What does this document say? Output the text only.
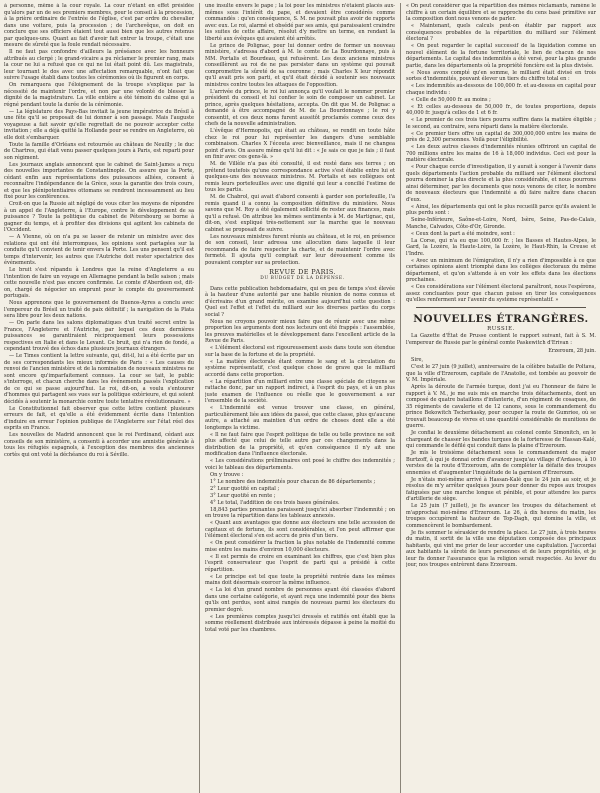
à personne, même à la cour royale. La cour n'étant en effet présidée qu'alors par un de ses premiers membres, pour le conseil à la procession, à la prière ordinaire de l'entrée de l'église, c'est par ordre du chevalier dans une voiture, puis la procession ; de l'archevêque, on doit en conclure que ses officiers étaient tout aussi bien que les autres retenus par quelques-uns. Quant au fait d'avoir fait entrer la troupe, c'était une mesure de sûreté que la foule rendait nécessaire.

Il ne faut pas confondre d'ailleurs la préséance avec les honneurs attribués au clergé ; le grand-vicaire a pu réclamer le premier rang, mais la cour ne lui a refusé que ce qui ne lui était point dû. Les magistrats, leur tournant le dos avec une affectation remarquable, n'ont fait que suivre l'usage établi dans toutes les cérémonies où ils figurent en corps.

On remarquera que l'éloignement de la troupe s'explique par la nécessité de maintenir l'ordre, et non par une volonté de blesser la dignité de la magistrature. La ville entière a été témoin du calme qui a régné pendant toute la durée de la cérémonie.

— La législature des Pays-Bas invitait la jeune impératrice du Brésil à une fête qu'il se proposait de lui donner à son passage. Mais l'auguste voyageuse a fait savoir qu'elle regrettait de ne pouvoir accepter cette invitation ; elle a déjà quitté la Hollande pour se rendre en Angleterre, où elle doit s'embarquer.

Toute la famille d'Orléans est retournée au château de Neuilly ; le duc de Chartres, qui était venu passer quelques jours à Paris, est reparti pour son régiment.

Les journaux anglais annoncent que le cabinet de Saint-James a reçu des nouvelles importantes de Constantinople. On assure que la Porte, cédant enfin aux représentations des puissances alliées, consent à reconnaître l'indépendance de la Grèce, sous la garantie des trois cours, et que les plénipotentiaires ottomans se rendront incessamment au lieu fixé pour les conférences.

Croit-on que la Russie ait négligé de vous citer les moyens de répondre à un appel de l'Angleterre, à l'Europe, contre le développement de sa puissance ? Toute la politique du cabinet de Pétersbourg se borne à gagner du temps, et à profiter des divisions qui agitent les cabinets de l'Occident.

— A Vienne, où on n'a pu se lasser de retenir un ministre avec des relations qui ont été interrompues, les opinions sont partagées sur la conduite qu'il convient de tenir envers la Porte. Les uns pensent qu'il est temps d'intervenir, les autres que l'Autriche doit rester spectatrice des événements.

Le bruit s'est répandu à Londres que la reine d'Angleterre a eu l'intention de faire un voyage en Allemagne pendant la belle saison ; mais cette nouvelle n'est pas encore confirmée. Le comte d'Aberdeen est, dit-on, chargé de négocier un emprunt pour le compte du gouvernement portugais.

Nous apprenons que le gouvernement de Buenos-Ayres a conclu avec l'empereur du Brésil un traité de paix définitif ; la navigation de la Plata sera libre pour les deux nations.

— On parle dans les salons diplomatiques d'un traité secret entre la France, l'Angleterre et l'Autriche, par lequel ces deux dernières puissances se garantiraient réciproquement leurs possessions respectives en Italie et dans le Levant. Ce bruit, qui n'a rien de fondé, a cependant trouvé des échos dans plusieurs journaux étrangers.

— Le Times contient la lettre suivante, qui, dit-il, lui a été écrite par un de ses correspondants les mieux informés de Paris : « Les causes du renvoi de l'ancien ministère et de la nomination de nouveaux ministres ne sont encore qu'imparfaitement connues. La cour se tait, le public s'interroge, et chacun cherche dans les événements passés l'explication de ce qui se passe aujourd'hui. Le roi, dit-on, a voulu s'entourer d'hommes qui partagent ses vues sur la politique extérieure, et qui soient décidés à soutenir la monarchie contre toute tentative révolutionnaire. »

Le Constitutionnel fait observer que cette lettre contient plusieurs erreurs de fait, et qu'elle a été évidemment écrite dans l'intention d'induire en erreur l'opinion publique de l'Angleterre sur l'état réel des esprits en France.

Les nouvelles de Madrid annoncent que le roi Ferdinand, cédant aux conseils de son ministère, a consenti à accorder une amnistie générale à tous les réfugiés espagnols, à l'exception des membres des anciennes cortès qui ont voté la déchéance du roi à Séville.

une insulte envers le pape ; la loi pour les ministres n'étaient placés aux-mêmes sous l'intérêt du pape, et devaient être considérés comme commandés : qu'en conséquence, S. M. ne pouvait plus avoir de rapports avec eux. Le roi, alarmé et obsédé par ses amis, qui paraissaient craindre les suites de cette affaire, résolut d'y mettre un terme, en rendant la liberté aux évêques qui avaient été arrêtés.

Le prince de Polignac, pour lui donner ordre de former un nouveau ministère, s'adressa d'abord à M. le comte de La Bourdonnaye, puis à MM. Portalis et Bourdeau, qui refusèrent. Les deux anciens ministres conseillèrent au roi de ne pas persister dans un système qui pouvait compromettre la sûreté de sa couronne ; mais Charles X leur répondit qu'il avait pris son parti, et qu'il était décidé à soutenir ses nouveaux ministres contre toutes les attaques de l'opposition.

L'arrivée du prince, le roi lui annonça qu'il voulait le nommer premier président du conseil et lui confier le soin de composer un cabinet. Le prince, après quelques hésitations, accepta. On dit que M. de Polignac a demandé à être accompagné de M. de La Bourdonnaye ; le roi y consentit, et ces deux noms furent aussitôt proclamés comme ceux des chefs de la nouvelle administration.

L'évêque d'Hermopolis, qui était au château, se rendit en toute hâte chez le roi pour lui représenter les dangers d'une semblable combinaison. Charles X l'écouta avec bienveillance, mais il ne changea point d'avis. On assure même qu'il lui dit : « Je sais ce que je fais ; il faut en finir avec ces gens-là. »

M. de Villèle n'a pas été consulté, il est resté dans ses terres ; on prétend toutefois qu'une correspondance active s'est établie entre lui et quelques-uns des nouveaux ministres. M. Portalis et ses collègues ont remis leurs portefeuilles avec une dignité qui leur a concilié l'estime de tous les partis.

M. de Chabrol, qui avait d'abord consenti à garder son portefeuille, l'a remis quand il a connu la composition définitive du ministère. Nous savons que M. Roy a été également sollicité de rester aux finances, mais qu'il a refusé. On attribue les mêmes sentiments à M. de Martignac, qui, dit-on, s'est expliqué très-nettement sur la marche que le nouveau cabinet se proposait de suivre.

Les nouveaux ministres furent réunis au château, et le roi, en présence de son conseil, leur adressa une allocution dans laquelle il leur recommanda de faire respecter la charte, et de maintenir l'ordre avec fermeté. Il ajouta qu'il comptait sur leur dévouement comme ils pouvaient compter sur sa protection.

REVUE DE PARIS.

DU BUDGET DE LA DÉPENSE.

Dans cette publication hebdomadaire, qui en peu de temps s'est élevée à la hauteur d'une autorité par une habile réunion de noms connus et d'écrivains d'un grand mérite, on examine aujourd'hui cette question : Quel est l'effet et l'effet du milliard sur les diverses parties du corps social ?

Nous ne croyons pouvoir mieux faire que de réunir avec une même proportion les arguments dont nos lecteurs ont été frappés : l'assemblée, les preuves matérielles et le développement dans l'excellent article de la Revue de Paris.

« L'élément électoral est rigoureusement assis dans toute son étendue sur la base de la fortune et de la propriété.

« La matière électorale étant comme le sang et la circulation du système représentatif, c'est quelque chose de grave que le milliard accordé dans cette proportion.

« La répartition d'un milliard entre une classe spéciale de citoyens se rattache donc, par un rapport indirect, à l'esprit du pays, et à un plus juste examen de l'influence ou réelle que le gouvernement a sur l'ensemble de la société.

« L'indemnité est venue trouver une classe, en général, particulièrement liée aux idées du passé, que cette classe, plus qu'aucune autre, a attaché au maintien d'un ordre de choses dont elle a été longtemps la victime.

« Il ne faut faire que l'esprit politique de telle ou telle province ne soit plus affecté que celui de telle autre par ces changements dans la distribution de la propriété, et qu'en conséquence il n'y ait une modification dans l'influence électorale.

« Les considérations préliminaires ont posé le chiffre des indemnités ; voici le tableau des départements.

On y trouve :

1° Le nombre des indemnités pour chacun de 86 départements ;

2° Leur quotité en capital ;

3° Leur quotité en rente ;

4° Le total, l'addition de ces trois bases générales.

18,843 parties prenantes paraissent jusqu'ici absorber l'indemnité ; on en trouve la répartition dans les tableaux annexés.

« Quant aux avantages que donne aux électeurs une telle accession de capitaux et de fortune, ils sont considérables, et l'on peut affirmer que l'élément électoral s'en est accru de près d'un tiers.

« On peut considérer la fraction la plus notable de l'indemnité comme mise entre les mains d'environ 10,000 électeurs.

« Il est permis de croire en examinant les chiffres, que c'est bien plus l'esprit conservateur que l'esprit de parti qui a présidé à cette répartition.

« Le principe est tel que toute la propriété rentrée dans les mêmes mains doit désormais exercer la même influence.

« La loi d'un grand nombre de personnes ayant été classées d'abord dans une certaine catégorie, et ayant reçu une indemnité pour des biens qu'ils ont perdus, sont ainsi rangés de nouveau parmi les électeurs du premier degré.

« Les premières comptes jusqu'ici dressés et ratifiés ont établi que la somme réellement distribuée aux intéressés dépasse à peine la moitié du total voté par les chambres.

« On peut considérer que la répartition des mêmes réclamants, ramène le chiffre à un certain équilibre et se rapproche du cens basé primitive sur la composition dont nous venons de parler.

« Maintenant, quels calculs peut-on établir par rapport aux conséquences probables de la répartition du milliard sur l'élément électoral ?

« On peut regarder le capital successif de la liquidation comme un nouvel élément de la fortune territoriale, le lien de chacun de nos départements. Le capital des indemnités a été versé, pour la plus grande partie, dans les départements où la propriété foncière est la plus divisée.

« Nous avons compté qu'en somme, le milliard était divisé en trois sortes d'indemnités, pouvant élever un tiers du chiffre total en :

« Les indemnités au-dessous de 100,000 fr. et au-dessus en capital pour chaque individu :

« Celle de 50,000 fr. au moins ;

« Et celles au-dessous de 50,000 fr., de toutes proportions, depuis 40,000 fr. jusqu'à celles de 1 et 6 fr.

« Le premier de ces trois tiers pourra suffire dans la matière éligible ; le second, au contraire, sera réparti dans la matière électorale.

« Ce premier tiers offre un capital de 300,000,000 entre les mains de près de 2,300 personnes. Voilà pour l'éligibilité.

« Les deux autres classes d'indemnités réunies offriront un capital de 700 millions entre les mains de 16 à 18,000 individus. Ceci est pour la matière électorale.

« Pour chaque cercle d'investigation, il y aurait à songer à l'avenir dans quels départements l'action probable du milliard sur l'élément électoral pourra dominer la plus directe et la plus considérable, et nous pourrons ainsi déterminer, par les documents que nous venons de citer, le nombre de nouveaux électeurs que l'indemnité a dû faire naître dans chacun d'eux.

« Ainsi, les départements qui ont le plus recueilli parce qu'ils avaient le plus perdu sont :

Seine-Inférieure, Saône-et-Loire, Nord, Isère, Seine, Pas-de-Calais, Manche, Calvados, Côte-d'Or, Gironde.

« Ceux dont la part a été moindre, sont :

La Corse, qui n'a eu que 100,000 fr. ; les Basses et Hautes-Alpes, le Gard, la Lozère, la Haute-Loire, la Lozère, le Haut-Rhin, la Creuse et l'Indre.

« Avec un minimum de l'émigration, il n'y a rien d'impossible à ce que certaines opinions aient triomphé dans les collèges électoraux du même département, et qu'on s'attende à en voir les effets dans les élections prochaines.

« Ces considérations sur l'élément électoral paraîtront, nous l'espérons, assez concluantes pour que chacun puisse en tirer les conséquences qu'elles renferment sur l'avenir du système représentatif. »

NOUVELLES ÉTRANGÈRES.
RUSSIE.

La Gazette d'État de Prusse contient le rapport suivant, fait à S. M. l'empereur de Russie par le général comte Paskewitch d'Erivan :

Erzeroum, 28 juin.
Sire,

C'est le 27 juin (9 juillet), anniversaire de la célèbre bataille de Poltava, que la ville d'Erzeroum, capitale de l'Anatolie, est tombée au pouvoir de V. M. Impériale.

Après la déroute de l'armée turque, dont j'ai eu l'honneur de faire le rapport à V. M., je me suis mis en marche trois détachements, dont un composé de quatre bataillons d'infanterie, d'un régiment de cosaques, de 35 régiments de cavalerie et de 12 canons, sous le commandement du prince Bekowitch Tscherkasky, pour occuper la route de Gumriee, où se trouvait beaucoup de vivres et une quantité considérable de munitions de guerre.

Je confiai le deuxième détachement au colonel comte Simonitch, en le chargeant de chasser les bandes turques de la forteresse de Hassan-Kalé, qui commande le défilé qui conduit dans la plaine d'Erzeroum.

Je mis le troisième détachement sous le commandement du major Burtzoff, à qui je donnai ordre d'avancer jusqu'au village d'Ardasos, à 10 verstes de la route d'Erzeroum, afin de complèter la défaite des troupes ennemies et d'augmenter l'inquiétude de la garnison d'Erzeroum.

Je n'étais moi-même arrivé à Hassan-Kalé que le 24 juin au soir, et je résolus de m'y arrêter quelques jours pour donner du repos aux troupes fatiguées par une marche longue et pénible, et pour attendre les parcs d'artillerie de siège.

Le 25 juin (7 juillet), je fis avancer les troupes du détachement et m'approchai moi-même d'Erzeroum. Le 26, à dix heures du matin, les troupes occupèrent la hauteur de Top-Dagh, qui domine la ville, et commencèrent le bombardement.

Je fis sommer le séraskier de rendre la place. Le 27 juin, à trois heures du matin, il sortit de la ville une députation composée des principaux habitants, qui vint me prier de leur accorder une capitulation. J'accordai aux habitants la sûreté de leurs personnes et de leurs propriétés, et je leur fis donner l'assurance que la religion serait respectée. Au lever du jour, nos troupes entrèrent dans Erzeroum.
